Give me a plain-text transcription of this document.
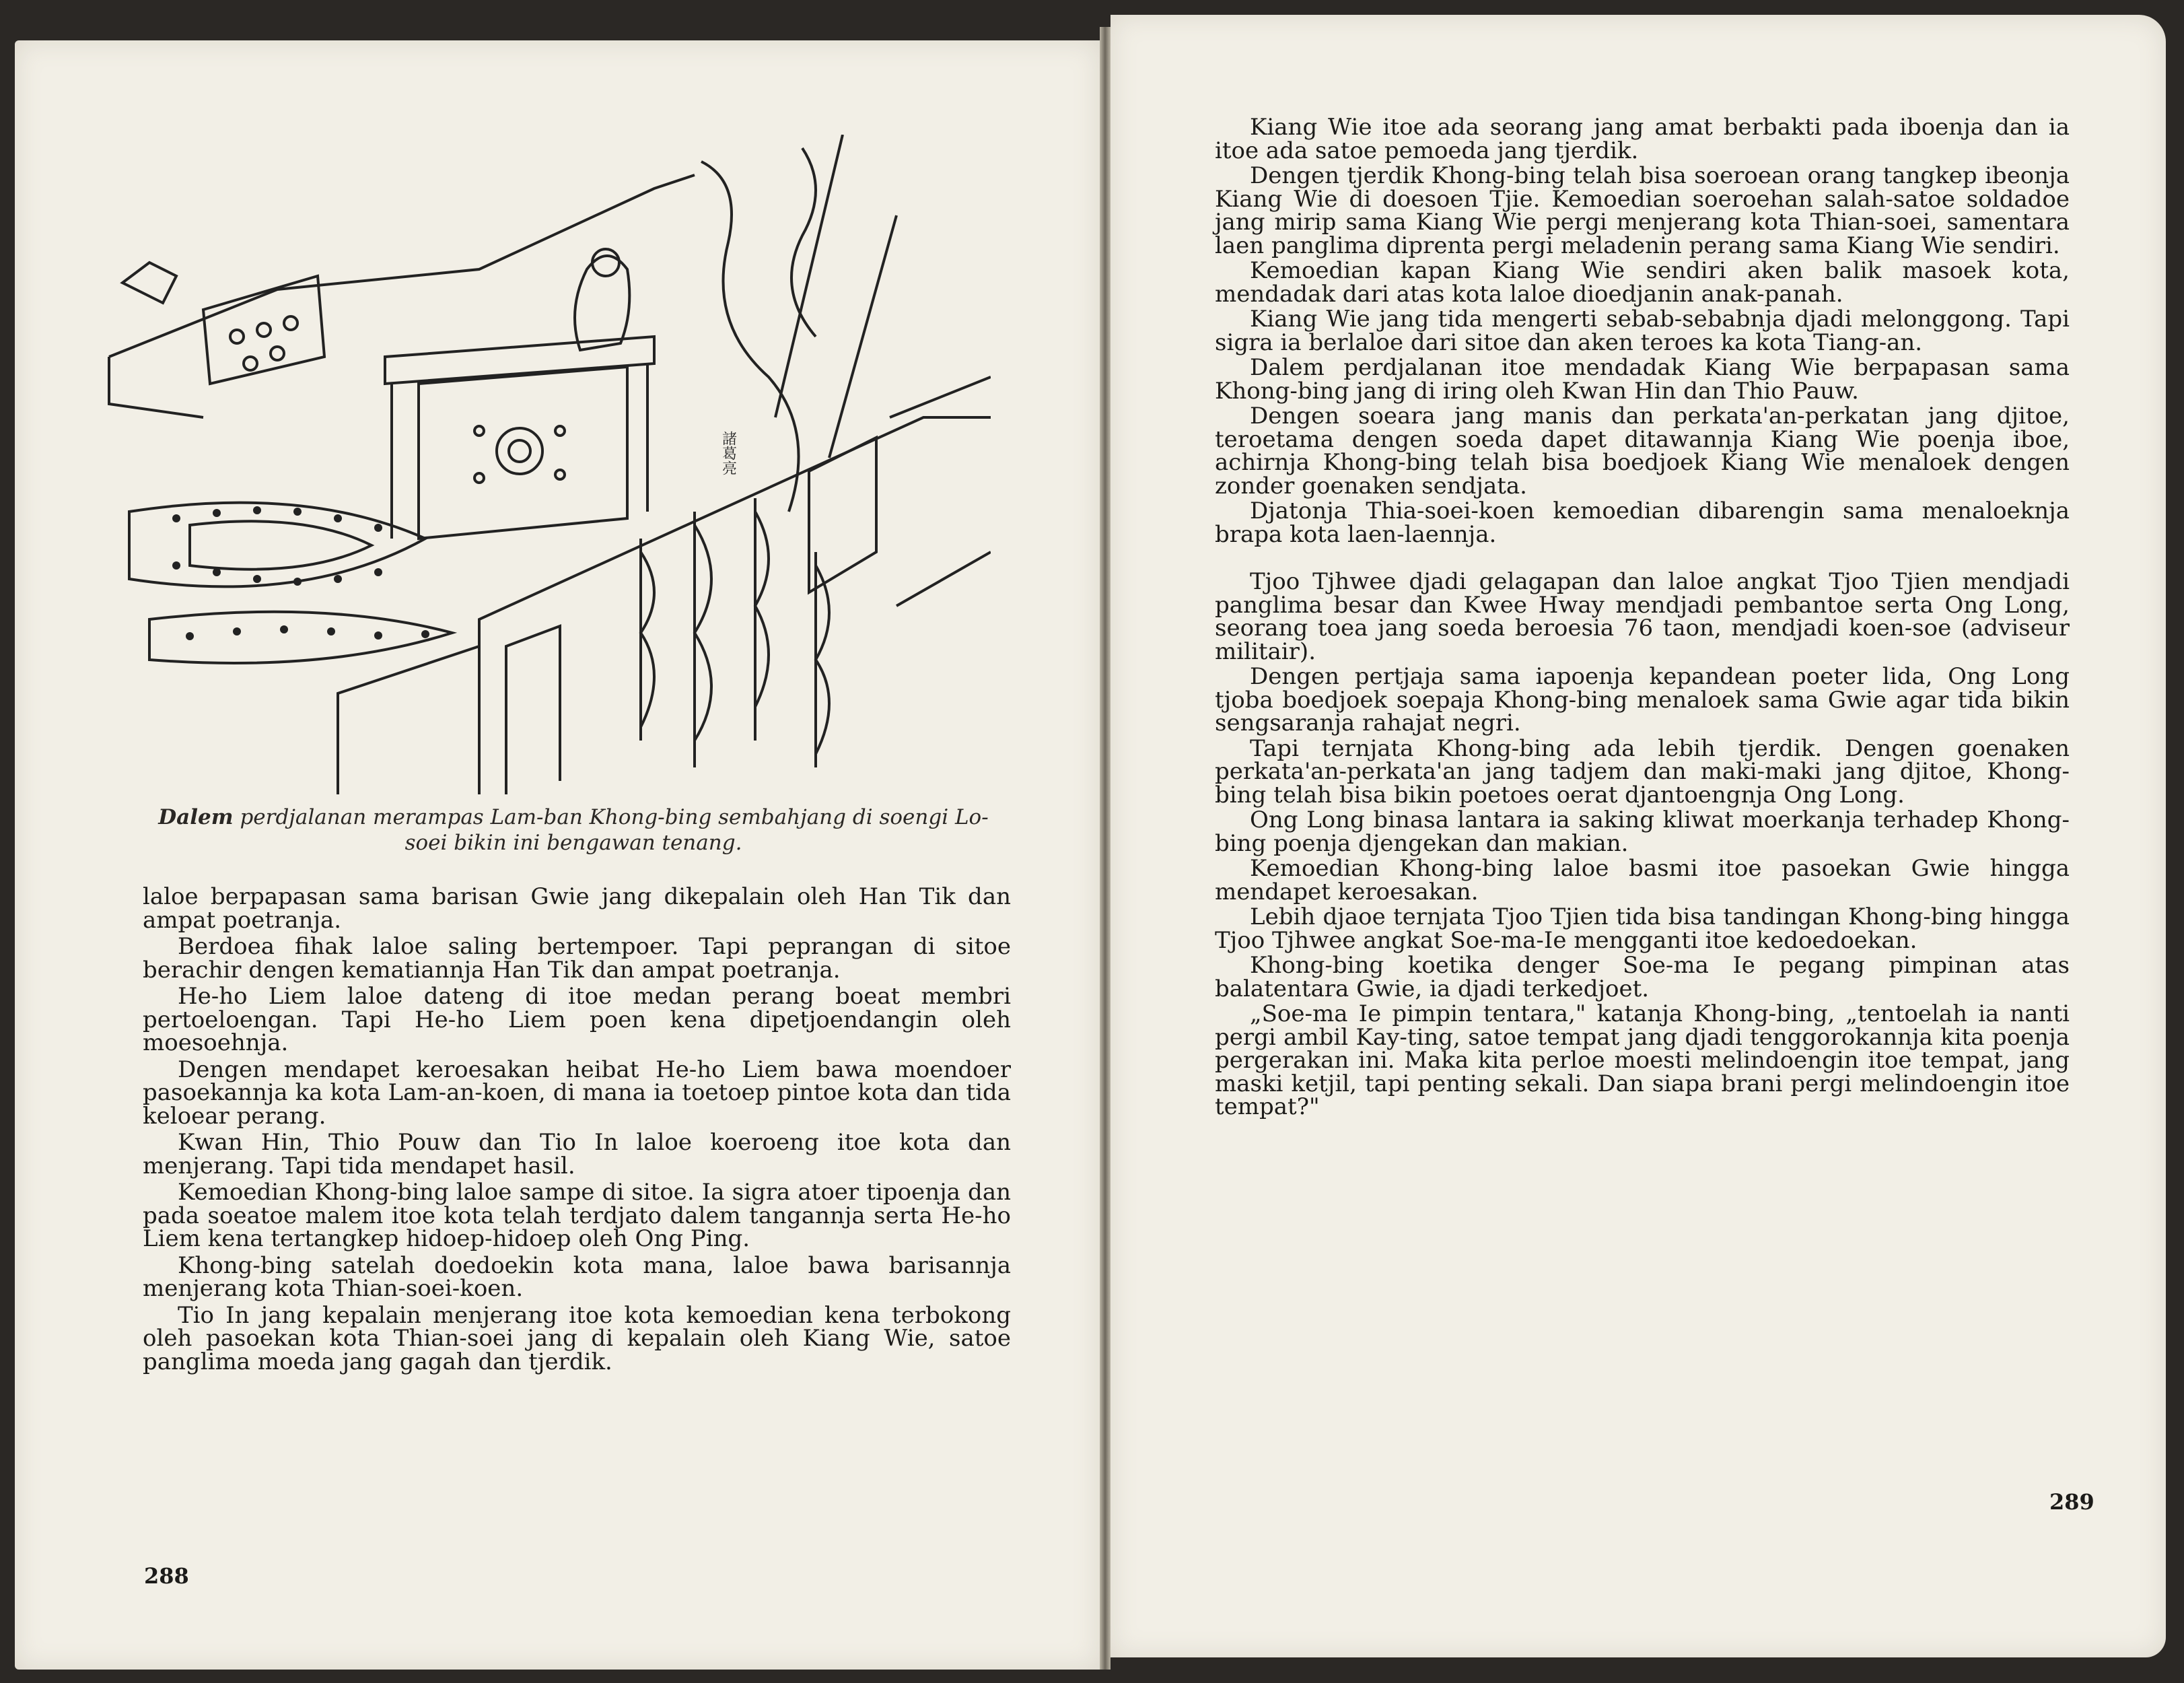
諸葛亮
Dalem perdjalanan merampas Lam-ban Khong-bing sembahjang di soengi Lo-soei bikin ini bengawan tenang.

laloe berpapasan sama barisan Gwie jang dikepalain oleh Han Tik dan ampat poetranja.

Berdoea fihak laloe saling bertempoer. Tapi peprangan di sitoe berachir dengen kematiannja Han Tik dan ampat poetranja.

He-ho Liem laloe dateng di itoe medan perang boeat membri pertoeloengan. Tapi He-ho Liem poen kena dipetjoendangin oleh moesoehnja.

Dengen mendapet keroesakan heibat He-ho Liem bawa moendoer pasoekannja ka kota Lam-an-koen, di mana ia toetoep pintoe kota dan tida keloear perang.

Kwan Hin, Thio Pouw dan Tio In laloe koeroeng itoe kota dan menjerang. Tapi tida mendapet hasil.

Kemoedian Khong-bing laloe sampe di sitoe. Ia sigra atoer tipoenja dan pada soeatoe malem itoe kota telah terdjato dalem tangannja serta He-ho Liem kena tertangkep hidoep-hidoep oleh Ong Ping.

Khong-bing satelah doedoekin kota mana, laloe bawa barisannja menjerang kota Thian-soei-koen.

Tio In jang kepalain menjerang itoe kota kemoedian kena terbokong oleh pasoekan kota Thian-soei jang di kepalain oleh Kiang Wie, satoe panglima moeda jang gagah dan tjerdik.

288

Kiang Wie itoe ada seorang jang amat berbakti pada iboenja dan ia itoe ada satoe pemoeda jang tjerdik.

Dengen tjerdik Khong-bing telah bisa soeroean orang tangkep ibeonja Kiang Wie di doesoen Tjie. Kemoedian soeroehan salah-satoe soldadoe jang mirip sama Kiang Wie pergi menjerang kota Thian-soei, samentara laen panglima diprenta pergi meladenin perang sama Kiang Wie sendiri.

Kemoedian kapan Kiang Wie sendiri aken balik masoek kota, mendadak dari atas kota laloe dioedjanin anak-panah.

Kiang Wie jang tida mengerti sebab-sebabnja djadi melonggong. Tapi sigra ia berlaloe dari sitoe dan aken teroes ka kota Tiang-an.

Dalem perdjalanan itoe mendadak Kiang Wie berpapasan sama Khong-bing jang di iring oleh Kwan Hin dan Thio Pauw.

Dengen soeara jang manis dan perkata'an-perkatan jang djitoe, teroetama dengen soeda dapet ditawannja Kiang Wie poenja iboe, achirnja Khong-bing telah bisa boedjoek Kiang Wie menaloek dengen zonder goenaken sendjata.

Djatonja Thia-soei-koen kemoedian dibarengin sama menaloeknja brapa kota laen-laennja.

Tjoo Tjhwee djadi gelagapan dan laloe angkat Tjoo Tjien mendjadi panglima besar dan Kwee Hway mendjadi pembantoe serta Ong Long, seorang toea jang soeda beroesia 76 taon, mendjadi koen-soe (adviseur militair).

Dengen pertjaja sama iapoenja kepandean poeter lida, Ong Long tjoba boedjoek soepaja Khong-bing menaloek sama Gwie agar tida bikin sengsaranja rahajat negri.

Tapi ternjata Khong-bing ada lebih tjerdik. Dengen goenaken perkata'an-perkata'an jang tadjem dan maki-maki jang djitoe, Khong-bing telah bisa bikin poetoes oerat djantoengnja Ong Long.

Ong Long binasa lantara ia saking kliwat moerkanja terhadep Khong-bing poenja djengekan dan makian.

Kemoedian Khong-bing laloe basmi itoe pasoekan Gwie hingga mendapet keroesakan.

Lebih djaoe ternjata Tjoo Tjien tida bisa tandingan Khong-bing hingga Tjoo Tjhwee angkat Soe-ma-Ie mengganti itoe kedoedoekan.

Khong-bing koetika denger Soe-ma Ie pegang pimpinan atas balatentara Gwie, ia djadi terkedjoet.

„Soe-ma Ie pimpin tentara," katanja Khong-bing, „tentoelah ia nanti pergi ambil Kay-ting, satoe tempat jang djadi tenggorokannja kita poenja pergerakan ini. Maka kita perloe moesti melindoengin itoe tempat, jang maski ketjil, tapi penting sekali. Dan siapa brani pergi melindoengin itoe tempat?"

289
